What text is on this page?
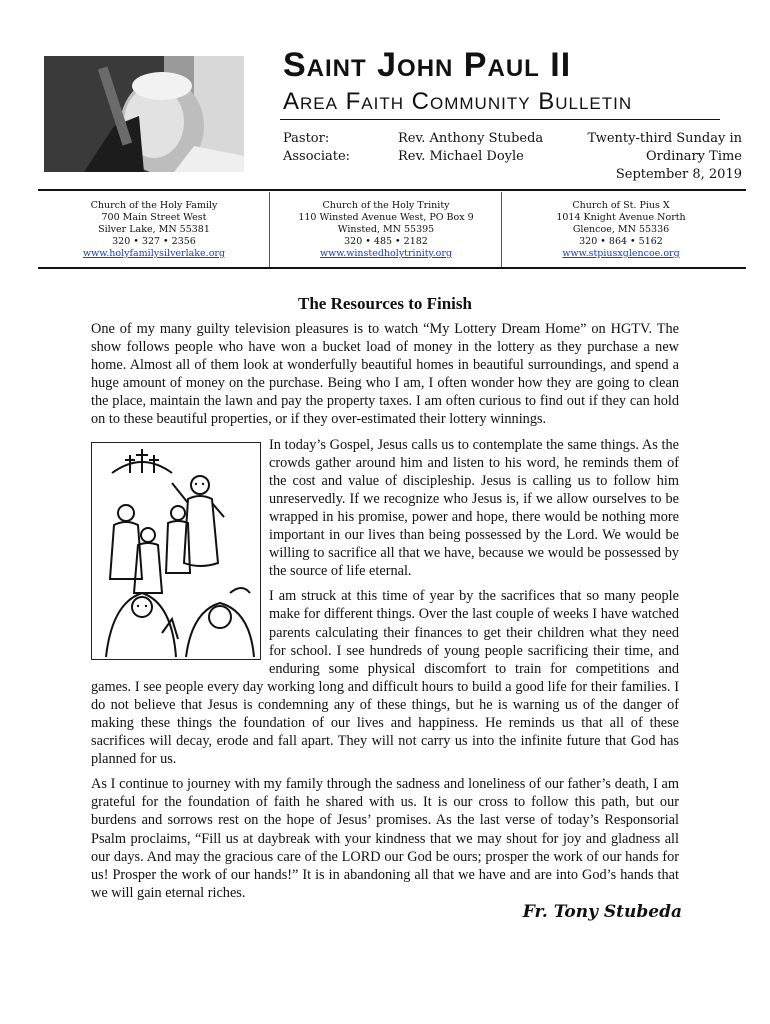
Saint John Paul II
Area Faith Community Bulletin
Pastor:
Associate:
Rev. Anthony Stubeda
Rev. Michael Doyle
Twenty-third Sunday in
Ordinary Time
September 8, 2019
Church of the Holy Family
700 Main Street West
Silver Lake, MN 55381
320 • 327 • 2356
www.holyfamilysilverlake.org
Church of the Holy Trinity
110 Winsted Avenue West, PO Box 9
Winsted, MN 55395
320 • 485 • 2182
www.winstedholytrinity.org
Church of St. Pius X
1014 Knight Avenue North
Glencoe, MN 55336
320 • 864 • 5162
www.stpiusxglencoe.org
The Resources to Finish

One of my many guilty television pleasures is to watch “My Lottery Dream Home” on HGTV. The show follows people who have won a bucket load of money in the lottery as they purchase a new home. Almost all of them look at wonderfully beautiful homes in beautiful surroundings, and spend a huge amount of money on the purchase. Being who I am, I often wonder how they are going to clean the place, maintain the lawn and pay the property taxes. I am often curious to find out if they can hold on to these beautiful properties, or if they over-estimated their lottery winnings.

In today’s Gospel, Jesus calls us to contemplate the same things. As the crowds gather around him and listen to his word, he reminds them of the cost and value of discipleship. Jesus is calling us to follow him unreservedly. If we recognize who Jesus is, if we allow ourselves to be wrapped in his promise, power and hope, there would be nothing more important in our lives than being possessed by the Lord. We would be willing to sacrifice all that we have, because we would be possessed by the source of life eternal.

I am struck at this time of year by the sacrifices that so many people make for different things. Over the last couple of weeks I have watched parents calculating their finances to get their children what they need for school. I see hundreds of young people sacrificing their time, and enduring some physical discomfort to train for competitions and games. I see people every day working long and difficult hours to build a good life for their families. I do not believe that Jesus is condemning any of these things, but he is warning us of the danger of making these things the foundation of our lives and happiness. He reminds us that all of these sacrifices will decay, erode and fall apart. They will not carry us into the infinite future that God has planned for us.

As I continue to journey with my family through the sadness and loneliness of our father’s death, I am grateful for the foundation of faith he shared with us. It is our cross to follow this path, but our burdens and sorrows rest on the hope of Jesus’ promises. As the last verse of today’s Responsorial Psalm proclaims, “Fill us at daybreak with your kindness that we may shout for joy and gladness all our days. And may the gracious care of the LORD our God be ours; prosper the work of our hands for us! Prosper the work of our hands!” It is in abandoning all that we have and are into God’s hands that we will gain eternal riches.

Fr. Tony Stubeda
